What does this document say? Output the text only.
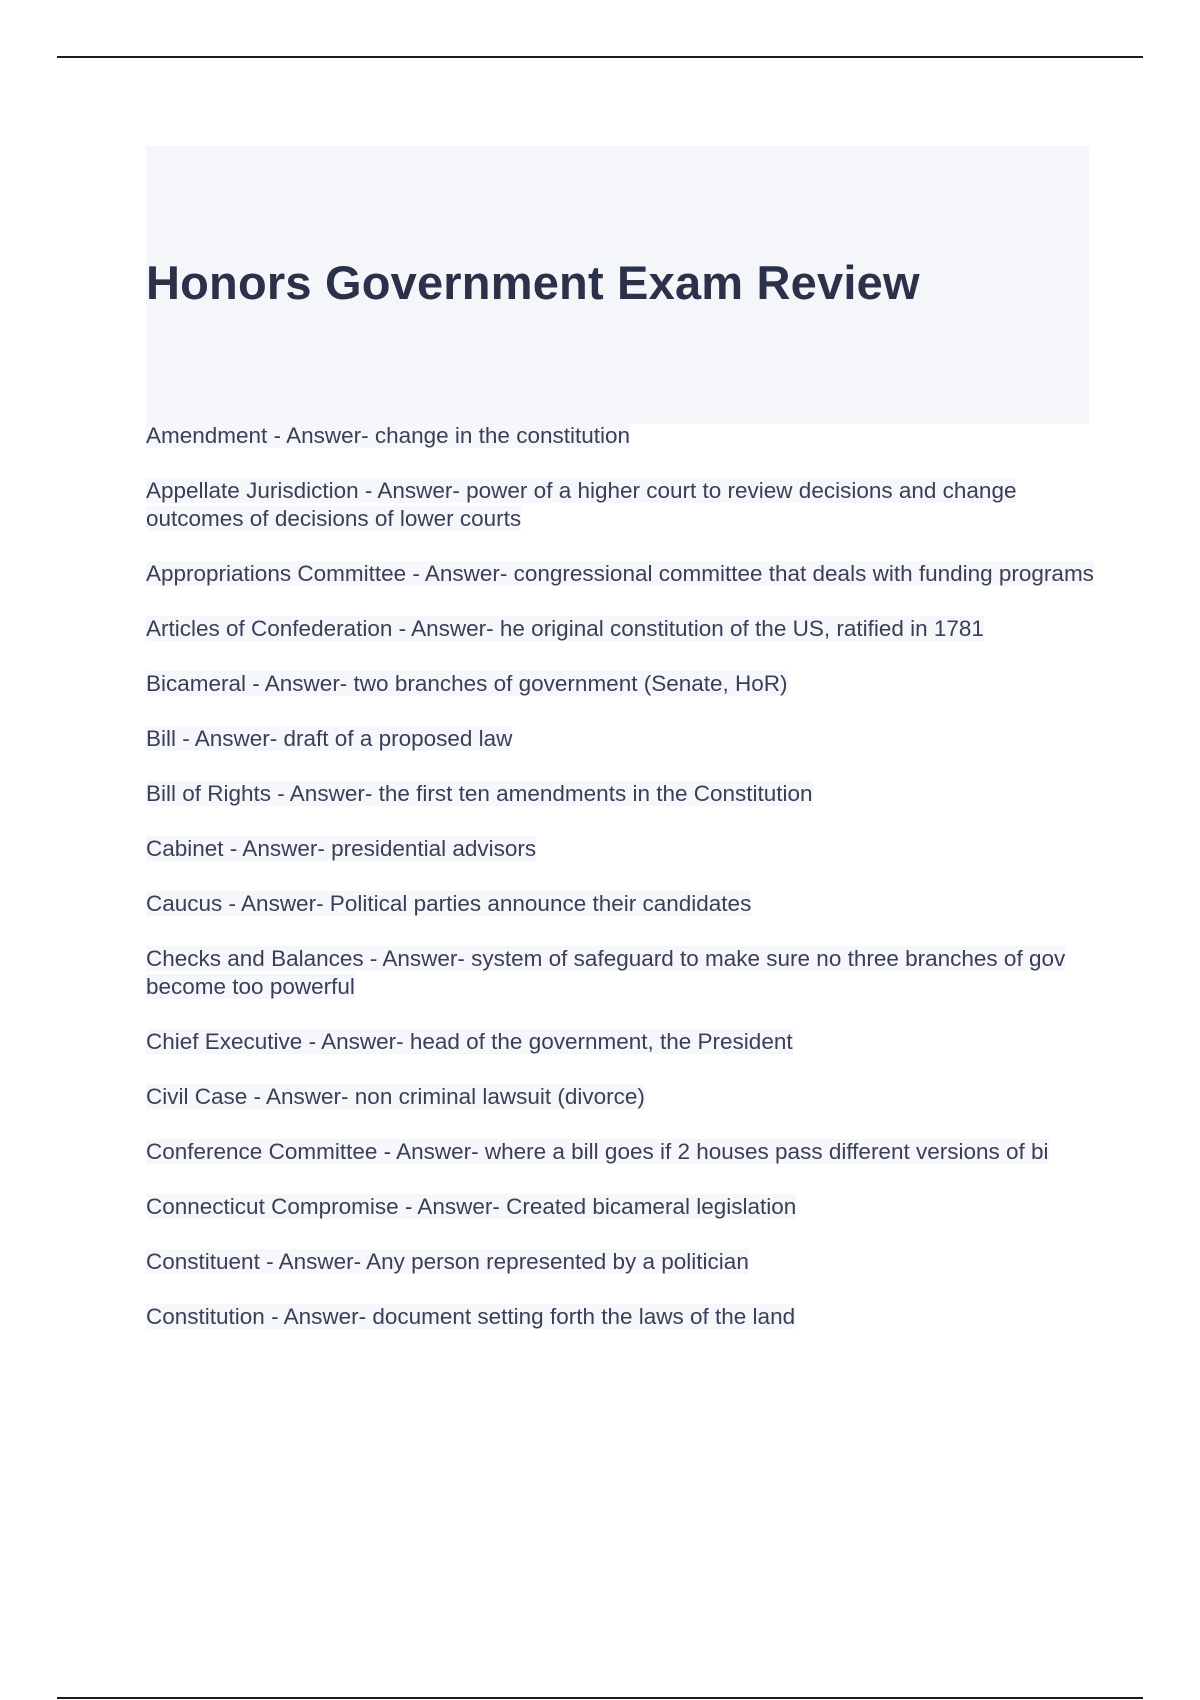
Honors Government Exam Review
Amendment - Answer- change in the constitution
Appellate Jurisdiction - Answer- power of a higher court to review decisions and change outcomes of decisions of lower courts
Appropriations Committee - Answer- congressional committee that deals with funding programs
Articles of Confederation - Answer- he original constitution of the US, ratified in 1781
Bicameral - Answer- two branches of government (Senate, HoR)
Bill - Answer- draft of a proposed law
Bill of Rights - Answer- the first ten amendments in the Constitution
Cabinet - Answer- presidential advisors
Caucus - Answer- Political parties announce their candidates
Checks and Balances - Answer- system of safeguard to make sure no three branches of gov become too powerful
Chief Executive - Answer- head of the government, the President
Civil Case - Answer- non criminal lawsuit (divorce)
Conference Committee - Answer- where a bill goes if 2 houses pass different versions of bi
Connecticut Compromise - Answer- Created bicameral legislation
Constituent - Answer- Any person represented by a politician
Constitution - Answer- document setting forth the laws of the land
